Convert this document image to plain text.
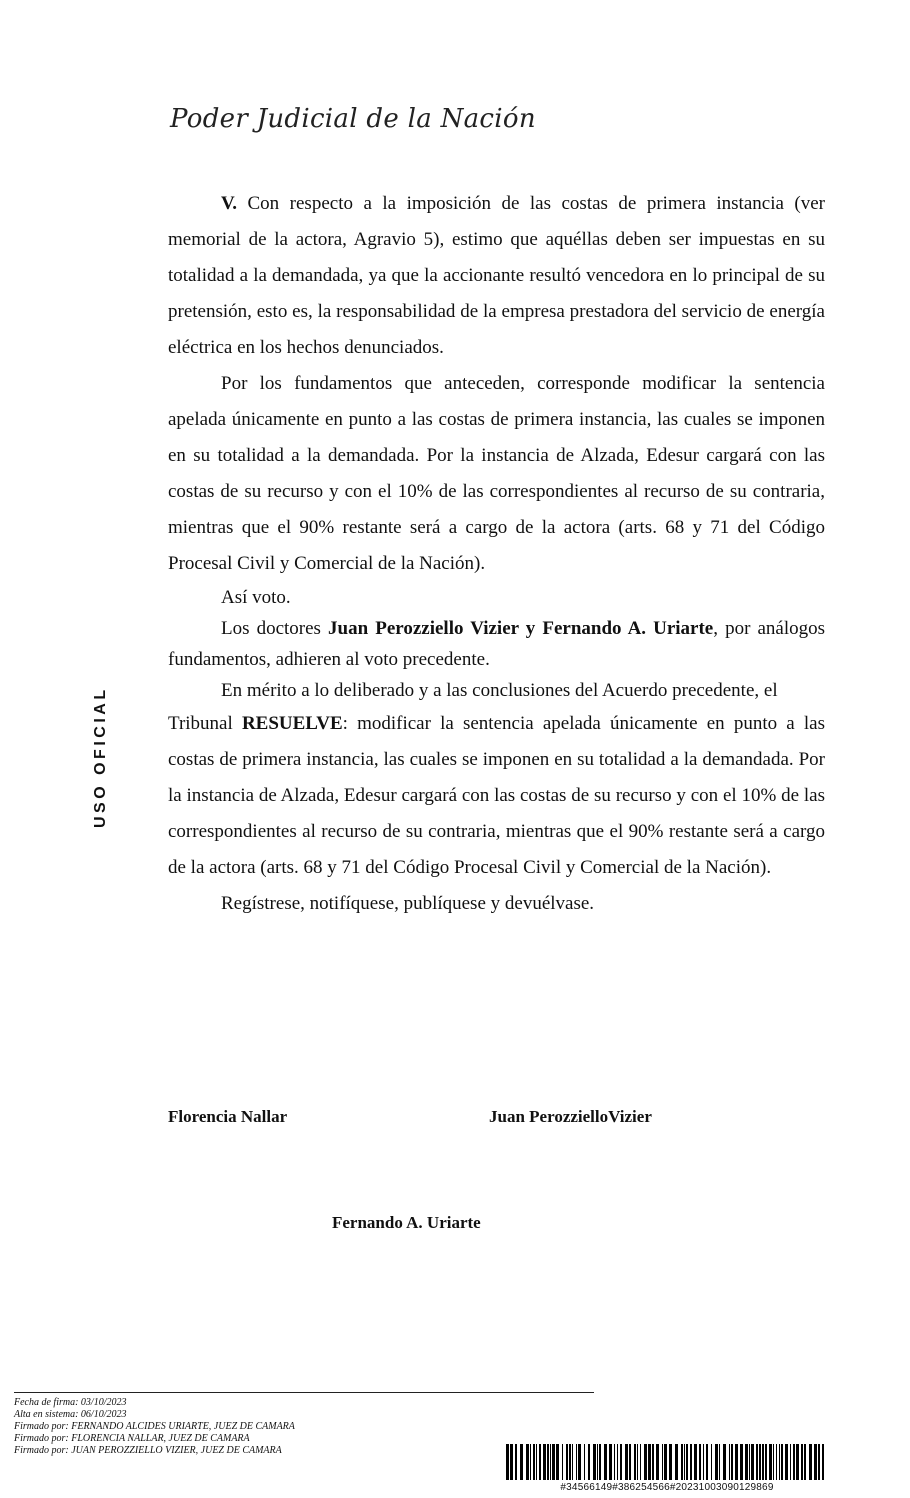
Poder Judicial de la Nación
USO OFICIAL

V. Con respecto a la imposición de las costas de primera instancia (ver memorial de la actora, Agravio 5), estimo que aquéllas deben ser impuestas en su totalidad a la demandada, ya que la accionante resultó vencedora en lo principal de su pretensión, esto es, la responsabilidad de la empresa prestadora del servicio de energía eléctrica en los hechos denunciados.

Por los fundamentos que anteceden, corresponde modificar la sentencia apelada únicamente en punto a las costas de primera instancia, las cuales se imponen en su totalidad a la demandada. Por la instancia de Alzada, Edesur cargará con las costas de su recurso y con el 10% de las correspondientes al recurso de su contraria, mientras que el 90% restante será a cargo de la actora (arts. 68 y 71 del Código Procesal Civil y Comercial de la Nación).

Así voto.

Los doctores Juan Perozziello Vizier y Fernando A. Uriarte, por análogos fundamentos, adhieren al voto precedente.

En mérito a lo deliberado y a las conclusiones del Acuerdo precedente, el

Tribunal RESUELVE: modificar la sentencia apelada únicamente en punto a las costas de primera instancia, las cuales se imponen en su totalidad a la demandada. Por la instancia de Alzada, Edesur cargará con las costas de su recurso y con el 10% de las correspondientes al recurso de su contraria, mientras que el 90% restante será a cargo de la actora (arts. 68 y 71 del Código Procesal Civil y Comercial de la Nación).

Regístrese, notifíquese, publíquese y devuélvase.

Florencia Nallar	Juan PerozzielloVizier
Fernando A. Uriarte
Fecha de firma: 03/10/2023
Alta en sistema: 06/10/2023
Firmado por: FERNANDO ALCIDES URIARTE, JUEZ DE CAMARA
Firmado por: FLORENCIA NALLAR, JUEZ DE CAMARA
Firmado por: JUAN PEROZZIELLO VIZIER, JUEZ DE CAMARA
#34566149#386254566#20231003090129869
